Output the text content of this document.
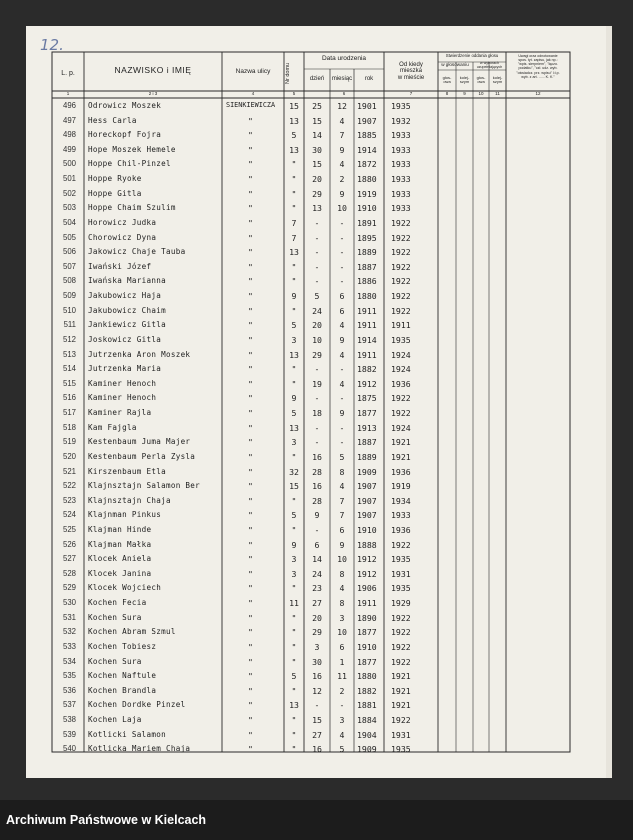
12.
L. p.	NAZWISKO i IMIĘ	Nazwa ulicy	Nr domu
Data urodzenia
dzień	miesiąc	rok
Od kiedy
mieszka
w mieście
Stwierdzenie oddania głosu
w głosowaniu	w wyborach
uzupełniających
głos-
owa
kolej-
szym
głos-
owa
kolej-
szym
Uwagi oraz odnotowanie
spos. tyt. zapisu, jak np.:
"wpis. sierpniem", "łączo.
podatku", "czł. udz. wyb.
"oświadcz. prz. wpisu" l.t.p.
wyb. z art. ...... K. K."
1	2 i 3	4	5	6	7	8	9	10	11	12
496 Odrowicz Moszek	SIENKIEWICZA	15	25	12	1901 1935
497 Hess Carla	"	13	15	4	1907 1932
498 Horeckopf Fojra	"	5	14	7	1885 1933
499 Hope Moszek Hemele	"	13	30	9	1914 1933
500 Hoppe Chil-Pinzel	"	"	15	4	1872 1933
501 Hoppe Ryoke	"	"	20	2	1880 1933
502 Hoppe Gitla	"	"	29	9	1919 1933
503 Hoppe Chaim Szulim	"	"	13	10	1910 1933
504 Horowicz Judka	"	7	-	-	1891 1922
505 Chorowicz Dyna	"	7	-	-	1895 1922
506 Jakowicz Chaje Tauba	"	13	-	-	1889 1922
507 Iwański Józef	"	"	-	-	1887 1922
508 Iwańska Marianna	"	"	-	-	1886 1922
509 Jakubowicz Haja	"	9	5	6	1880 1922
510 Jakubowicz Chaim	"	"	24	6	1911 1922
511 Jankiewicz Gitla	"	5	20	4	1911 1911
512 Joskowicz Gitla	"	3	10	9	1914 1935
513 Jutrzenka Aron Moszek	"	13	29	4	1911 1924
514 Jutrzenka Maria	"	"	-	-	1882 1924
515 Kaminer Henoch	"	"	19	4	1912 1936
516 Kaminer Henoch	"	9	-	-	1875 1922
517 Kaminer Rajla	"	5	18	9	1877 1922
518 Kam Fajgla	"	13	-	-	1913 1924
519 Kestenbaum Juma Majer	"	3	-	-	1887 1921
520 Kestenbaum Perla Zysla	"	"	16	5	1889 1921
521 Kirszenbaum Etla	"	32	28	8	1909 1936
522 Klajnsztajn Salamon Ber	"	15	16	4	1907 1919
523 Klajnsztajn Chaja	"	"	28	7	1907 1934
524 Klajnman Pinkus	"	5	9	7	1907 1933
525 Klajman Hinde	"	"	-	6	1910 1936
526 Klajman Małka	"	9	6	9	1888 1922
527 Klocek Aniela	"	3	14	10	1912 1935
528 Klocek Janina	"	3	24	8	1912 1931
529 Klocek Wojciech	"	"	23	4	1906 1935
530 Kochen Fecia	"	11	27	8	1911 1929
531 Kochen Sura	"	"	20	3	1890 1922
532 Kochen Abram Szmul	"	"	29	10	1877 1922
533 Kochen Tobiesz	"	"	3	6	1910 1922
534 Kochen Sura	"	"	30	1	1877 1922
535 Kochen Naftule	"	5	16	11	1880 1921
536 Kochen Brandla	"	"	12	2	1882 1921
537 Kochen Dordke Pinzel	"	13	-	-	1881 1921
538 Kochen Laja	"	"	15	3	1884 1922
539 Kotlicki Salamon	"	"	27	4	1904 1931
540 Kotlicka Mariem Chaja	"	"	16	5	1909 1935
Archiwum Państwowe w Kielcach
